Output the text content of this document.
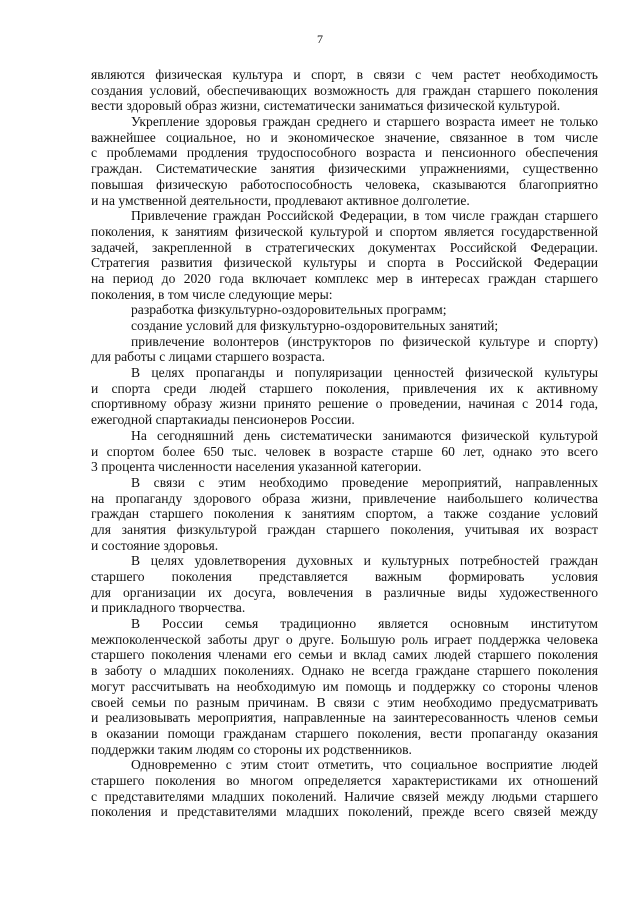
7
являются физическая культура и спорт, в связи с чем растет необходимость
создания условий, обеспечивающих возможность для граждан старшего поколения
вести здоровый образ жизни, систематически заниматься физической культурой.
Укрепление здоровья граждан среднего и старшего возраста имеет не только
важнейшее социальное, но и экономическое значение, связанное в том числе
с проблемами продления трудоспособного возраста и пенсионного обеспечения
граждан. Систематические занятия физическими упражнениями, существенно
повышая физическую работоспособность человека, сказываются благоприятно
и на умственной деятельности, продлевают активное долголетие.
Привлечение граждан Российской Федерации, в том числе граждан старшего
поколения, к занятиям физической культурой и спортом является государственной
задачей, закрепленной в стратегических документах Российской Федерации.
Стратегия развития физической культуры и спорта в Российской Федерации
на период до 2020 года включает комплекс мер в интересах граждан старшего
поколения, в том числе следующие меры:
разработка физкультурно-оздоровительных программ;
создание условий для физкультурно-оздоровительных занятий;
привлечение волонтеров (инструкторов по физической культуре и спорту)
для работы с лицами старшего возраста.
В целях пропаганды и популяризации ценностей физической культуры
и спорта среди людей старшего поколения, привлечения их к активному
спортивному образу жизни принято решение о проведении, начиная с 2014 года,
ежегодной спартакиады пенсионеров России.
На сегодняшний день систематически занимаются физической культурой
и спортом более 650 тыс. человек в возрасте старше 60 лет, однако это всего
3 процента численности населения указанной категории.
В связи с этим необходимо проведение мероприятий, направленных
на пропаганду здорового образа жизни, привлечение наибольшего количества
граждан старшего поколения к занятиям спортом, а также создание условий
для занятия физкультурой граждан старшего поколения, учитывая их возраст
и состояние здоровья.
В целях удовлетворения духовных и культурных потребностей граждан
старшего поколения представляется важным формировать условия
для организации их досуга, вовлечения в различные виды художественного
и прикладного творчества.
В России семья традиционно является основным институтом
межпоколенческой заботы друг о друге. Большую роль играет поддержка человека
старшего поколения членами его семьи и вклад самих людей старшего поколения
в заботу о младших поколениях. Однако не всегда граждане старшего поколения
могут рассчитывать на необходимую им помощь и поддержку со стороны членов
своей семьи по разным причинам. В связи с этим необходимо предусматривать
и реализовывать мероприятия, направленные на заинтересованность членов семьи
в оказании помощи гражданам старшего поколения, вести пропаганду оказания
поддержки таким людям со стороны их родственников.
Одновременно с этим стоит отметить, что социальное восприятие людей
старшего поколения во многом определяется характеристиками их отношений
с представителями младших поколений. Наличие связей между людьми старшего
поколения и представителями младших поколений, прежде всего связей между
